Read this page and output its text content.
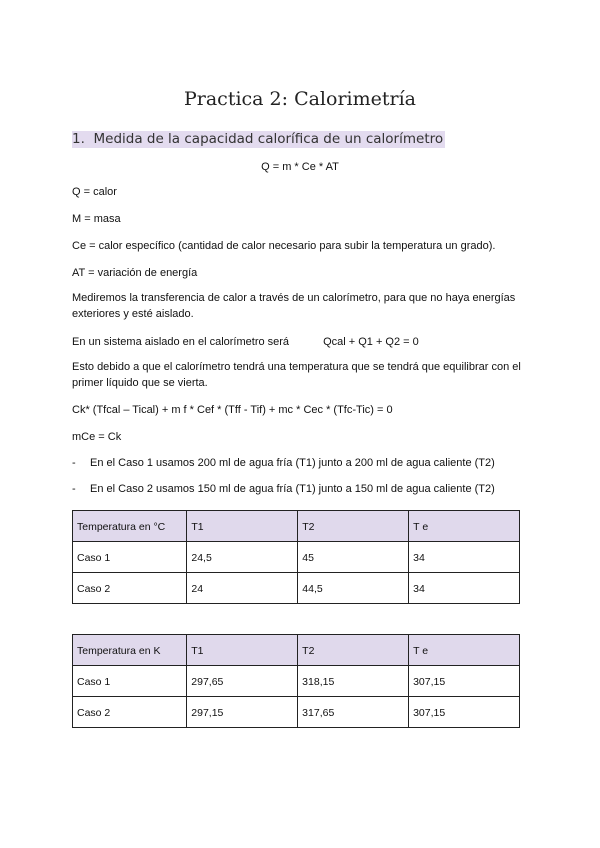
Practica 2: Calorimetría
1. Medida de la capacidad calorífica de un calorímetro
Q = m * Ce * AT
Q = calor
M = masa
Ce = calor específico (cantidad de calor necesario para subir la temperatura un grado).
AT = variación de energía
Mediremos la transferencia de calor a través de un calorímetro, para que no haya energías exteriores y esté aislado.
En un sistema aislado en el calorímetro será	Qcal + Q1 + Q2 = 0
Esto debido a que el calorímetro tendrá una temperatura que se tendrá que equilibrar con el primer líquido que se vierta.
Ck* (Tfcal – Tical) + m f * Cef * (Tff - Tif) + mc * Cec * (Tfc-Tic) = 0
mCe = Ck
- En el Caso 1 usamos 200 ml de agua fría (T1) junto a 200 ml de agua caliente (T2)
- En el Caso 2 usamos 150 ml de agua fría (T1) junto a 150 ml de agua caliente (T2)
Temperatura en °C	T1	T2	T e
Caso 1	24,5	45	34
Caso 2	24	44,5	34
Temperatura en K	T1	T2	T e
Caso 1	297,65	318,15	307,15
Caso 2	297,15	317,65	307,15
